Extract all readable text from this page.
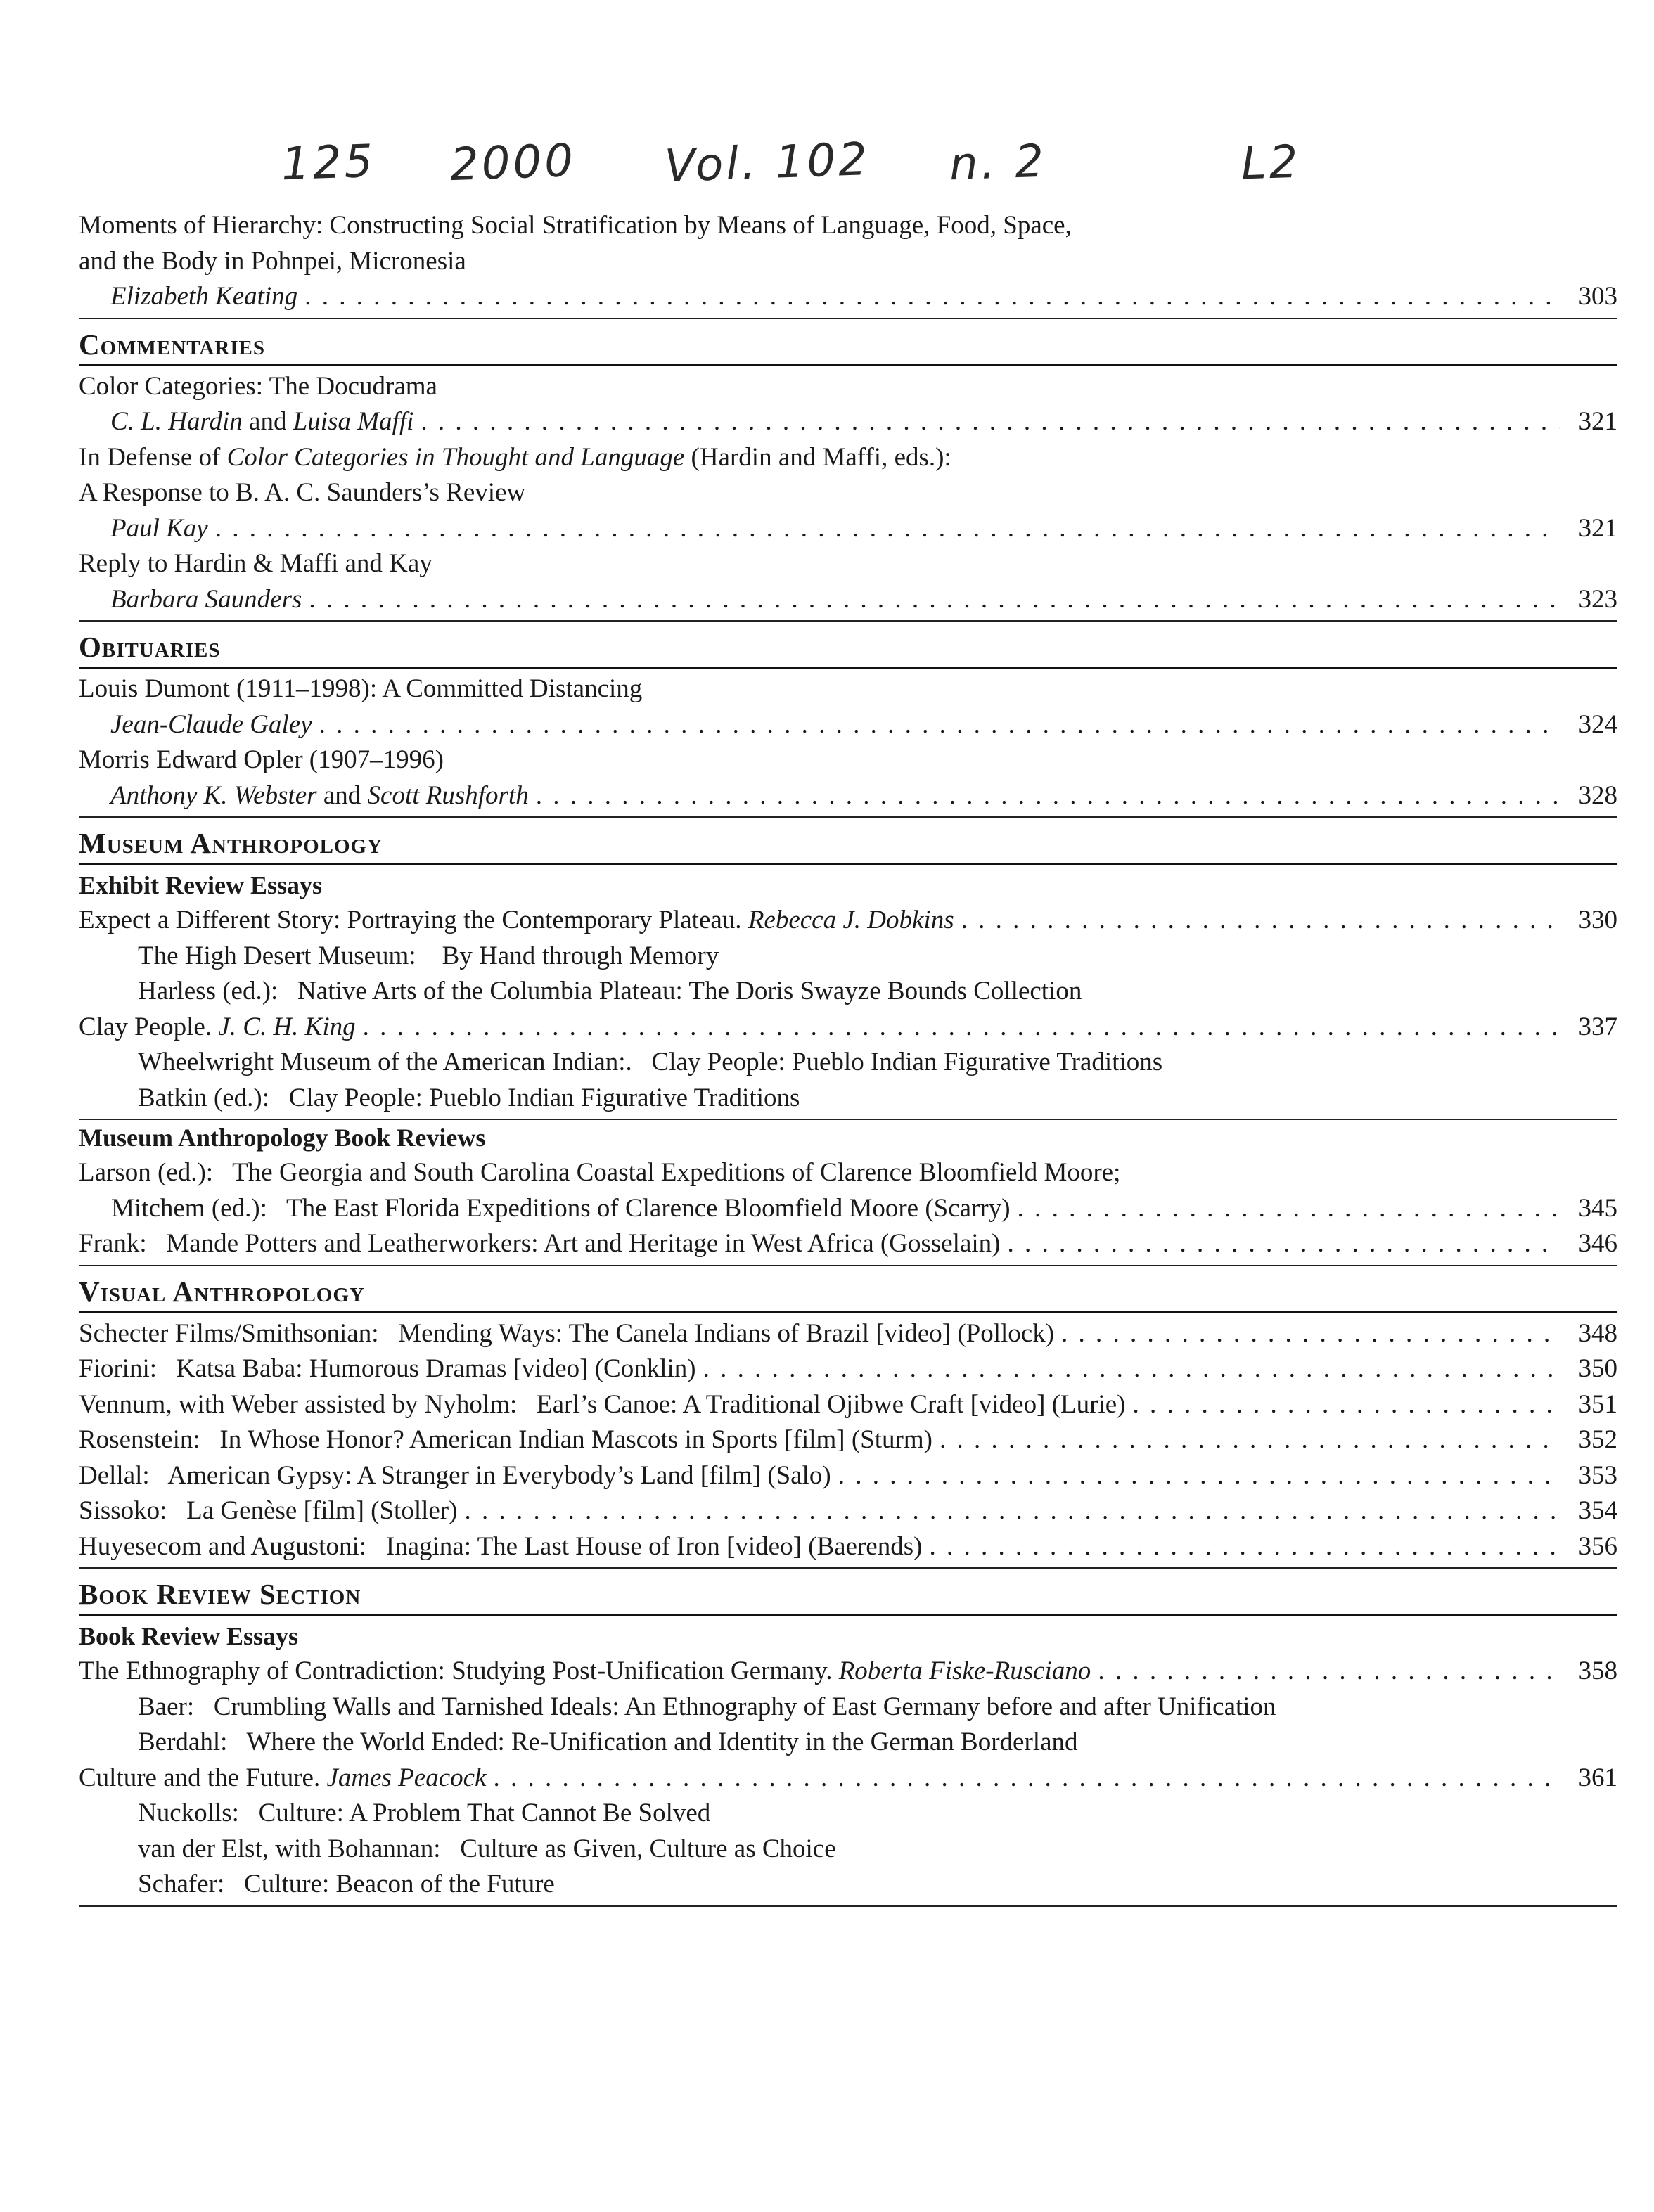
125 2000 Vol. 102 n. 2	L2
Moments of Hierarchy: Constructing Social Stratification by Means of Language, Food, Space,
and the Body in Pohnpei, Micronesia
Elizabeth Keating . . .	303
Commentaries
Color Categories: The Docudrama
C. L. Hardin and Luisa Maffi . . .	321
In Defense of Color Categories in Thought and Language (Hardin and Maffi, eds.):
A Response to B. A. C. Saunders’s Review
Paul Kay . . .	321
Reply to Hardin & Maffi and Kay
Barbara Saunders . . .	323
Obituaries
Louis Dumont (1911–1998): A Committed Distancing
Jean-Claude Galey . . .	324
Morris Edward Opler (1907–1996)
Anthony K. Webster and Scott Rushforth . . .	328
Museum Anthropology
Exhibit Review Essays
Expect a Different Story: Portraying the Contemporary Plateau. Rebecca J. Dobkins . . .	330
The High Desert Museum:    By Hand through Memory
Harless (ed.):   Native Arts of the Columbia Plateau: The Doris Swayze Bounds Collection
Clay People. J. C. H. King . . .	337
Wheelwright Museum of the American Indian:.   Clay People: Pueblo Indian Figurative Traditions
Batkin (ed.):   Clay People: Pueblo Indian Figurative Traditions
Museum Anthropology Book Reviews
Larson (ed.):   The Georgia and South Carolina Coastal Expeditions of Clarence Bloomfield Moore;
Mitchem (ed.):   The East Florida Expeditions of Clarence Bloomfield Moore (Scarry) . . .	345
Frank:   Mande Potters and Leatherworkers: Art and Heritage in West Africa (Gosselain) . . .	346
Visual Anthropology
Schecter Films/Smithsonian:   Mending Ways: The Canela Indians of Brazil [video] (Pollock) . . .	348
Fiorini:   Katsa Baba: Humorous Dramas [video] (Conklin) . . .	350
Vennum, with Weber assisted by Nyholm:   Earl’s Canoe: A Traditional Ojibwe Craft [video] (Lurie) . . .	351
Rosenstein:   In Whose Honor? American Indian Mascots in Sports [film] (Sturm) . . .	352
Dellal:   American Gypsy: A Stranger in Everybody’s Land [film] (Salo) . . .	353
Sissoko:   La Genèse [film] (Stoller) . . .	354
Huyesecom and Augustoni:   Inagina: The Last House of Iron [video] (Baerends) . . .	356
Book Review Section
Book Review Essays
The Ethnography of Contradiction: Studying Post-Unification Germany. Roberta Fiske-Rusciano . . .	358
Baer:   Crumbling Walls and Tarnished Ideals: An Ethnography of East Germany before and after Unification
Berdahl:   Where the World Ended: Re-Unification and Identity in the German Borderland
Culture and the Future. James Peacock . . .	361
Nuckolls:   Culture: A Problem That Cannot Be Solved
van der Elst, with Bohannan:   Culture as Given, Culture as Choice
Schafer:   Culture: Beacon of the Future
